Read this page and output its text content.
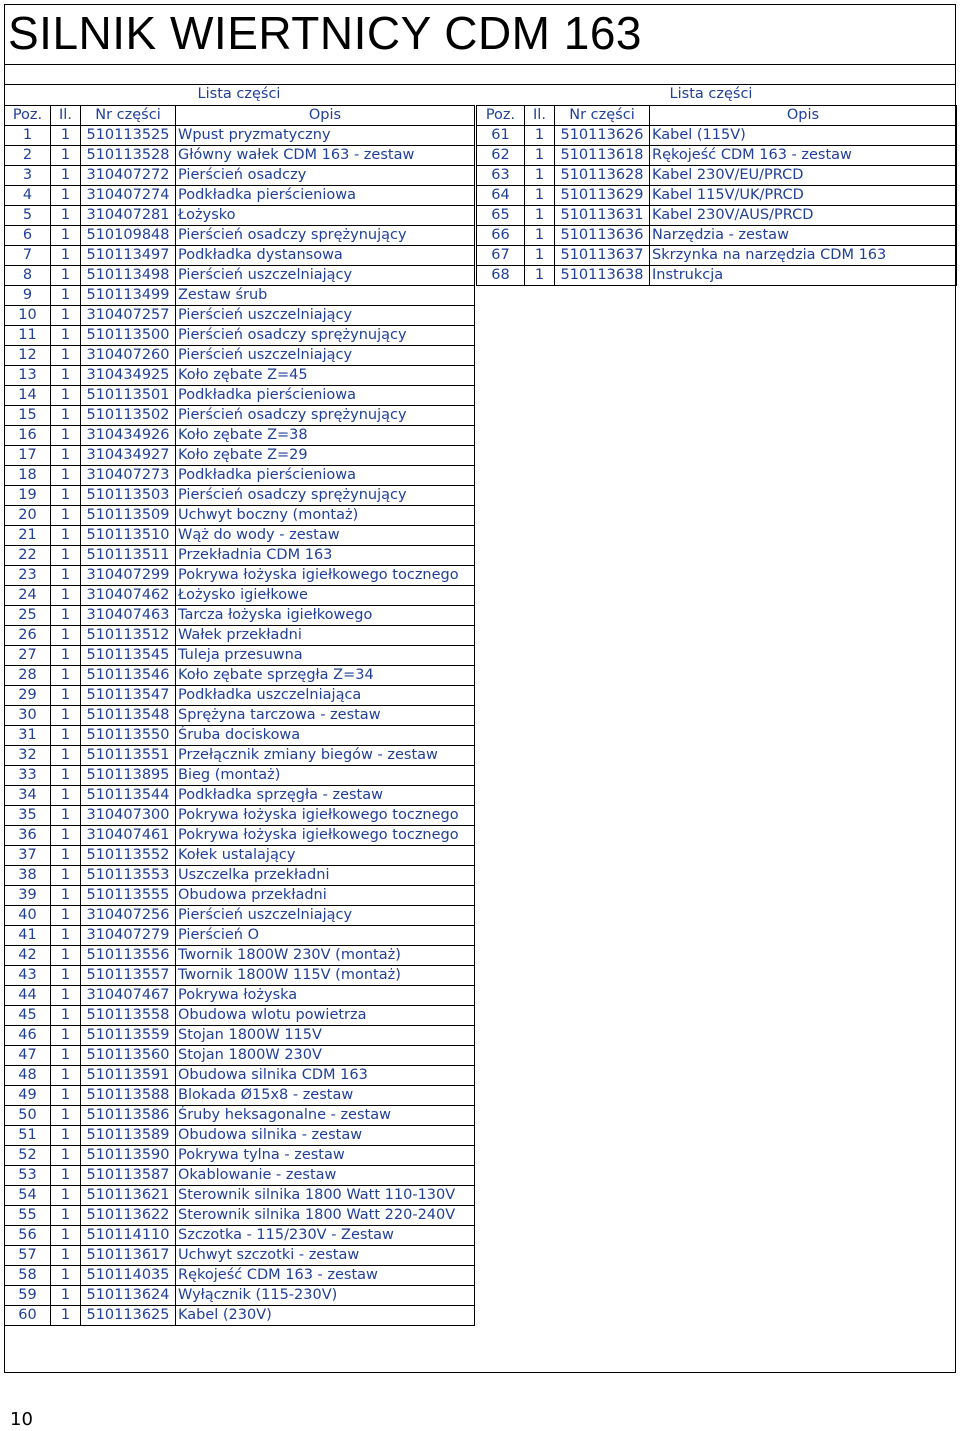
SILNIK WIERTNICY CDM 163
Lista części	Lista części
Poz.	Il.	Nr części	Opis
1	1	510113525	Wpust pryzmatyczny
2	1	510113528	Główny wałek CDM 163 - zestaw
3	1	310407272	Pierścień osadczy
4	1	310407274	Podkładka pierścieniowa
5	1	310407281	Łożysko
6	1	510109848	Pierścień osadczy sprężynujący
7	1	510113497	Podkładka dystansowa
8	1	510113498	Pierścień uszczelniający
9	1	510113499	Zestaw śrub
10	1	310407257	Pierścień uszczelniający
11	1	510113500	Pierścień osadczy sprężynujący
12	1	310407260	Pierścień uszczelniający
13	1	310434925	Koło zębate Z=45
14	1	510113501	Podkładka pierścieniowa
15	1	510113502	Pierścień osadczy sprężynujący
16	1	310434926	Koło zębate Z=38
17	1	310434927	Koło zębate Z=29
18	1	310407273	Podkładka pierścieniowa
19	1	510113503	Pierścień osadczy sprężynujący
20	1	510113509	Uchwyt boczny (montaż)
21	1	510113510	Wąż do wody - zestaw
22	1	510113511	Przekładnia CDM 163
23	1	310407299	Pokrywa łożyska igiełkowego tocznego
24	1	310407462	Łożysko igiełkowe
25	1	310407463	Tarcza łożyska igiełkowego
26	1	510113512	Wałek przekładni
27	1	510113545	Tuleja przesuwna
28	1	510113546	Koło zębate sprzęgła Z=34
29	1	510113547	Podkładka uszczelniająca
30	1	510113548	Sprężyna tarczowa - zestaw
31	1	510113550	Śruba dociskowa
32	1	510113551	Przełącznik zmiany biegów - zestaw
33	1	510113895	Bieg (montaż)
34	1	510113544	Podkładka sprzęgła - zestaw
35	1	310407300	Pokrywa łożyska igiełkowego tocznego
36	1	310407461	Pokrywa łożyska igiełkowego tocznego
37	1	510113552	Kołek ustalający
38	1	510113553	Uszczelka przekładni
39	1	510113555	Obudowa przekładni
40	1	310407256	Pierścień uszczelniający
41	1	310407279	Pierścień O
42	1	510113556	Twornik 1800W 230V (montaż)
43	1	510113557	Twornik 1800W 115V (montaż)
44	1	310407467	Pokrywa łożyska
45	1	510113558	Obudowa wlotu powietrza
46	1	510113559	Stojan 1800W 115V
47	1	510113560	Stojan 1800W 230V
48	1	510113591	Obudowa silnika CDM 163
49	1	510113588	Blokada Ø15x8 - zestaw
50	1	510113586	Śruby heksagonalne - zestaw
51	1	510113589	Obudowa silnika - zestaw
52	1	510113590	Pokrywa tylna - zestaw
53	1	510113587	Okablowanie - zestaw
54	1	510113621	Sterownik silnika 1800 Watt 110-130V
55	1	510113622	Sterownik silnika 1800 Watt 220-240V
56	1	510114110	Szczotka - 115/230V - Zestaw
57	1	510113617	Uchwyt szczotki - zestaw
58	1	510114035	Rękojeść CDM 163 - zestaw
59	1	510113624	Wyłącznik (115-230V)
60	1	510113625	Kabel (230V)
Poz.	Il.	Nr części	Opis
61	1	510113626	Kabel (115V)
62	1	510113618	Rękojeść CDM 163 - zestaw
63	1	510113628	Kabel 230V/EU/PRCD
64	1	510113629	Kabel 115V/UK/PRCD
65	1	510113631	Kabel 230V/AUS/PRCD
66	1	510113636	Narzędzia - zestaw
67	1	510113637	Skrzynka na narzędzia CDM 163
68	1	510113638	Instrukcja
10
